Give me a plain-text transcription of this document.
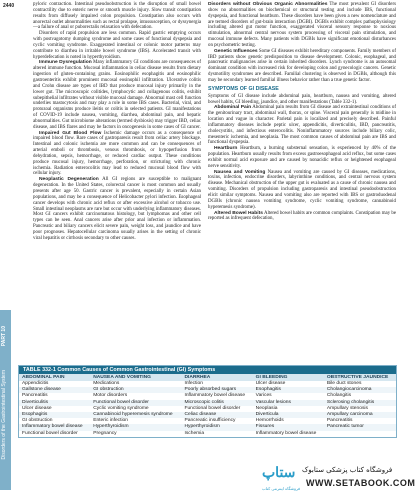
2440	pyloric contraction. Intestinal pseudoobstruction is the disruption of small bowel contractility due to enteric nerve or smooth muscle injury. Slow transit constipation results from diffusely impaired colon propulsion. Constipation also occurs with anorectal outlet abnormalities such as rectal prolapse, intussusception, or dyssynergia—a failure of anal or puborectalis relaxation with defecation.

Disorders of rapid propulsion are less common. Rapid gastric emptying occurs with postvagotomy dumping syndrome and some cases of functional dyspepsia and cyclic vomiting syndrome. Exaggerated intestinal or colonic motor patterns may contribute to diarrhea in irritable bowel syndrome (IBS). Accelerated transit with hyperdefecation is noted in hyperthyroidism.

Immune Dysregulation Many inflammatory GI conditions are consequences of altered immune function. Mucosal inflammation in celiac disease results from dietary ingestion of gluten-containing grains. Eosinophilic esophagitis and eosinophilic gastroenteritis exhibit prominent mucosal eosinophil infiltration. Ulcerative colitis and Crohn disease are types of IBD that produce mucosal injury primarily in the lower gut. The microscopic colitides, lymphocytic and collagenous colitis, exhibit subepithelial infiltrates without visible mucosal damage. Abnormal mast cell function underlies mastocytosis and may play a role in some IBS cases. Bacterial, viral, and protozoal organisms produce ileitis or colitis in selected patients. GI manifestations of COVID-19 include nausea, vomiting, diarrhea, abdominal pain, and hepatic abnormalities. Gut microbiome alterations (termed dysbiosis) may trigger IBD, celiac disease, and IBS flares and may be factors in oncogenesis in some cases of GI cancer.

Impaired Gut Blood Flow Ischemic damage occurs as a consequence of impaired blood flow. Rare cases of gastroparesis result from celiac artery blockage. Intestinal and colonic ischemia are more common and can be consequences of arterial emboli or thrombosis, venous thrombosis, or hypoperfusion from dehydration, sepsis, hemorrhage, or reduced cardiac output. These conditions produce mucosal injury, hemorrhage, perforation, or stricturing with chronic ischemia. Radiation enterocolitis may lead to reduced mucosal blood flow with cellular injury.

Neoplastic Degeneration All GI regions are susceptible to malignant degeneration. In the United States, colorectal cancer is most common and usually presents after age 50. Gastric cancer is prevalent, especially in certain Asian populations, and may be a consequence of Helicobacter pylori infection. Esophageal cancer develops with chronic acid reflux or after excessive alcohol or tobacco use. Small intestinal neoplasms are rare but occur with underlying inflammatory diseases. Most GI cancers exhibit carcinomatous histology, but lymphomas and other cell types can be seen. Anal cancers arise after prior anal infection or inflammation. Pancreatic and biliary cancers elicit severe pain, weight loss, and jaundice and have poor prognoses. Hepatocellular carcinoma usually arises in the setting of chronic viral hepatitis or cirrhosis secondary to other causes.

Disorders without Obvious Organic Abnormalities The most prevalent GI disorders show no abnormalities on biochemical or structural testing and include IBS, functional dyspepsia, and functional heartburn. These disorders have been given a new nomenclature and are termed disorders of gut-brain interaction (DGBI). DGBIs exhibit complex pathophysiology including altered gut motor function, exaggerated visceral sensory response to noxious stimulation, abnormal central nervous system processing of visceral pain stimulation, and mucosal immune defects. Many patients with DGBIs have significant emotional disturbances on psychometric testing.

Genetic Influences Some GI diseases exhibit hereditary components. Family members of IBD patients show genetic predisposition to disease development. Colonic, esophageal, and pancreatic malignancies arise in certain inherited disorders. Lynch syndrome is an autosomal dominant condition with increased risk for developing colon and gynecologic cancers. Genetic dysmotility syndromes are described. Familial clustering is observed in DGBIs, although this may be secondary learned familial illness behavior rather than a true genetic factor.

SYMPTOMS OF GI DISEASE

Symptoms of GI disease include abdominal pain, heartburn, nausea and vomiting, altered bowel habits, GI bleeding, jaundice, and other manifestations (Table 332-1).

Abdominal Pain Abdominal pain results from GI disease and extraintestinal conditions of the genitourinary tract, abdominal wall, thorax, or spine. Visceral pain generally is midline in location and vague in character. Parietal pain is localized and precisely described. Painful inflammatory diseases include peptic ulcer, appendicitis, diverticulitis, IBD, pancreatitis, cholecystitis, and infectious enterocolitis. Noninflammatory sources include biliary colic, mesenteric ischemia, and neoplasia. The most common causes of abdominal pain are IBS and functional dyspepsia.

Heartburn Heartburn, a burning substernal sensation, is experienced by 40% of the population. Heartburn usually results from excess gastroesophageal acid reflux, but some cases exhibit normal acid exposure and are caused by nonacidic reflux or heightened esophageal nerve sensitivity.

Nausea and Vomiting Nausea and vomiting are caused by GI diseases, medications, toxins, infection, endocrine disorders, labyrinthine conditions, and central nervous system disease. Mechanical obstruction of the upper gut is evaluated as a cause of chronic nausea and vomiting. Disorders of propulsion including gastroparesis and intestinal pseudoobstruction elicit similar symptoms. Nausea and vomiting also are reported with IBS or gastroduodenal DGBIs (chronic nausea vomiting syndrome, cyclic vomiting syndrome, cannabinoid hyperemesis syndrome).

Altered Bowel Habits Altered bowel habits are common complaints. Constipation may be reported as infrequent defecation,

PART 10
Disorders of the Gastrointestinal System	TABLE 332-1 Common Causes of Common Gastrointestinal (GI) Symptoms
ABDOMINAL PAIN	NAUSEA AND VOMITING	DIARRHEA	GI BLEEDING	OBSTRUCTIVE JAUNDICE
Appendicitis	Medications	Infection	Ulcer disease	Bile duct stones
Gallstone disease	GI obstruction	Poorly absorbed sugars	Esophagitis	Cholangiocarcinoma
Pancreatitis	Motor disorders	Inflammatory bowel disease	Varices	Cholangitis
Diverticulitis	Functional bowel disorder	Microscopic colitis	Vascular lesions	Sclerosing cholangitis
Ulcer disease	Cyclic vomiting syndrome	Functional bowel disorder	Neoplasia	Ampullary stenosis
Esophagitis	Cannabinoid hyperemesis syndrome	Celiac disease	Diverticula	Ampullary carcinoma
GI obstruction	Enteric infection	Pancreatic insufficiency	Hemorrhoids	Pancreatitis
Inflammatory bowel disease	Hyperthyroidism	Hyperthyroidism	Fissures	Pancreatic tumor
Functional bowel disorder	Pregnancy	Ischemia	Inflammatory bowel disease	
ستاپ فروشگاه کتاب پزشکی ستابوک
WWW.SETABOOK.COM
فروشگاه اینترنتی کتاب
